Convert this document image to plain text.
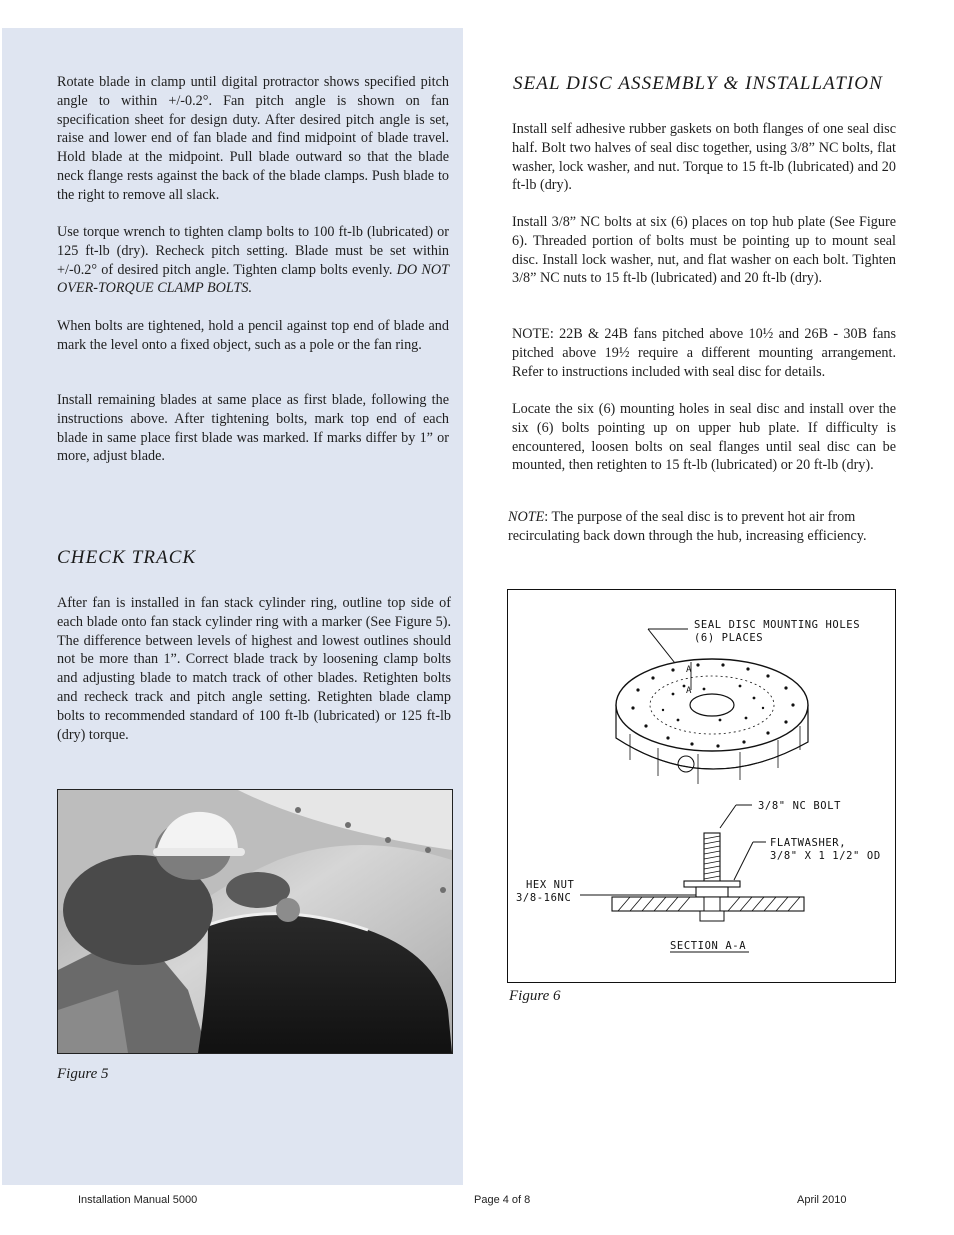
Rotate blade in clamp until digital protractor shows specified pitch angle to within +/-0.2°. Fan pitch angle is shown on fan specification sheet for design duty. After desired pitch angle is set, raise and lower end of fan blade and find midpoint of blade travel. Hold blade at the midpoint. Pull blade outward so that the blade neck flange rests against the back of the blade clamps. Push blade to the right to remove all slack.

Use torque wrench to tighten clamp bolts to 100 ft-lb (lubricated) or 125 ft-lb (dry). Recheck pitch setting. Blade must be set within +/-0.2° of desired pitch angle. Tighten clamp bolts evenly. DO NOT OVER-TORQUE CLAMP BOLTS.

When bolts are tightened, hold a pencil against top end of blade and mark the level onto a fixed object, such as a pole or the fan ring.

Install remaining blades at same place as first blade, following the instructions above. After tightening bolts, mark top end of each blade in same place first blade was marked. If marks differ by 1” or more, adjust blade.

CHECK TRACK

After fan is installed in fan stack cylinder ring, outline top side of each blade onto fan stack cylinder ring with a marker (See Figure 5). The difference between levels of highest and lowest outlines should not be more than 1”. Correct blade track by loosening clamp bolts and adjusting blade to match track of other blades. Retighten bolts and recheck track and pitch angle setting. Retighten blade clamp bolts to recommended standard of 100 ft-lb (lubricated) or 125 ft-lb (dry) torque.

Figure 5

SEAL DISC ASSEMBLY & INSTALLATION

Install self adhesive rubber gaskets on both flanges of one seal disc half. Bolt two halves of seal disc together, using 3/8” NC bolts, flat washer, lock washer, and nut. Torque to 15 ft-lb (lubricated) and 20 ft-lb (dry).

Install 3/8” NC bolts at six (6) places on top hub plate (See Figure 6). Threaded portion of bolts must be pointing up to mount seal disc. Install lock washer, nut, and flat washer on each bolt. Tighten 3/8” NC nuts to 15 ft-lb (lubricated) and 20 ft-lb (dry).

NOTE: 22B & 24B fans pitched above 10½ and 26B - 30B fans pitched above 19½ require a different mounting arrangement. Refer to instructions included with seal disc for details.

Locate the six (6) mounting holes in seal disc and install over the six (6) bolts pointing up on upper hub plate. If difficulty is encountered, loosen bolts on seal flanges until seal disc can be mounted, then retighten to 15 ft-lb (lubricated) or 20 ft-lb (dry).

NOTE: The purpose of the seal disc is to prevent hot air from recirculating back down through the hub, increasing efficiency.

SEAL DISC MOUNTING HOLES
(6) PLACES
A
A
3/8" NC BOLT
FLATWASHER,
3/8" X 1 1/2" OD
HEX NUT
3/8-16NC
SECTION A-A

Figure 6

Installation Manual 5000	Page 4 of 8	April 2010
